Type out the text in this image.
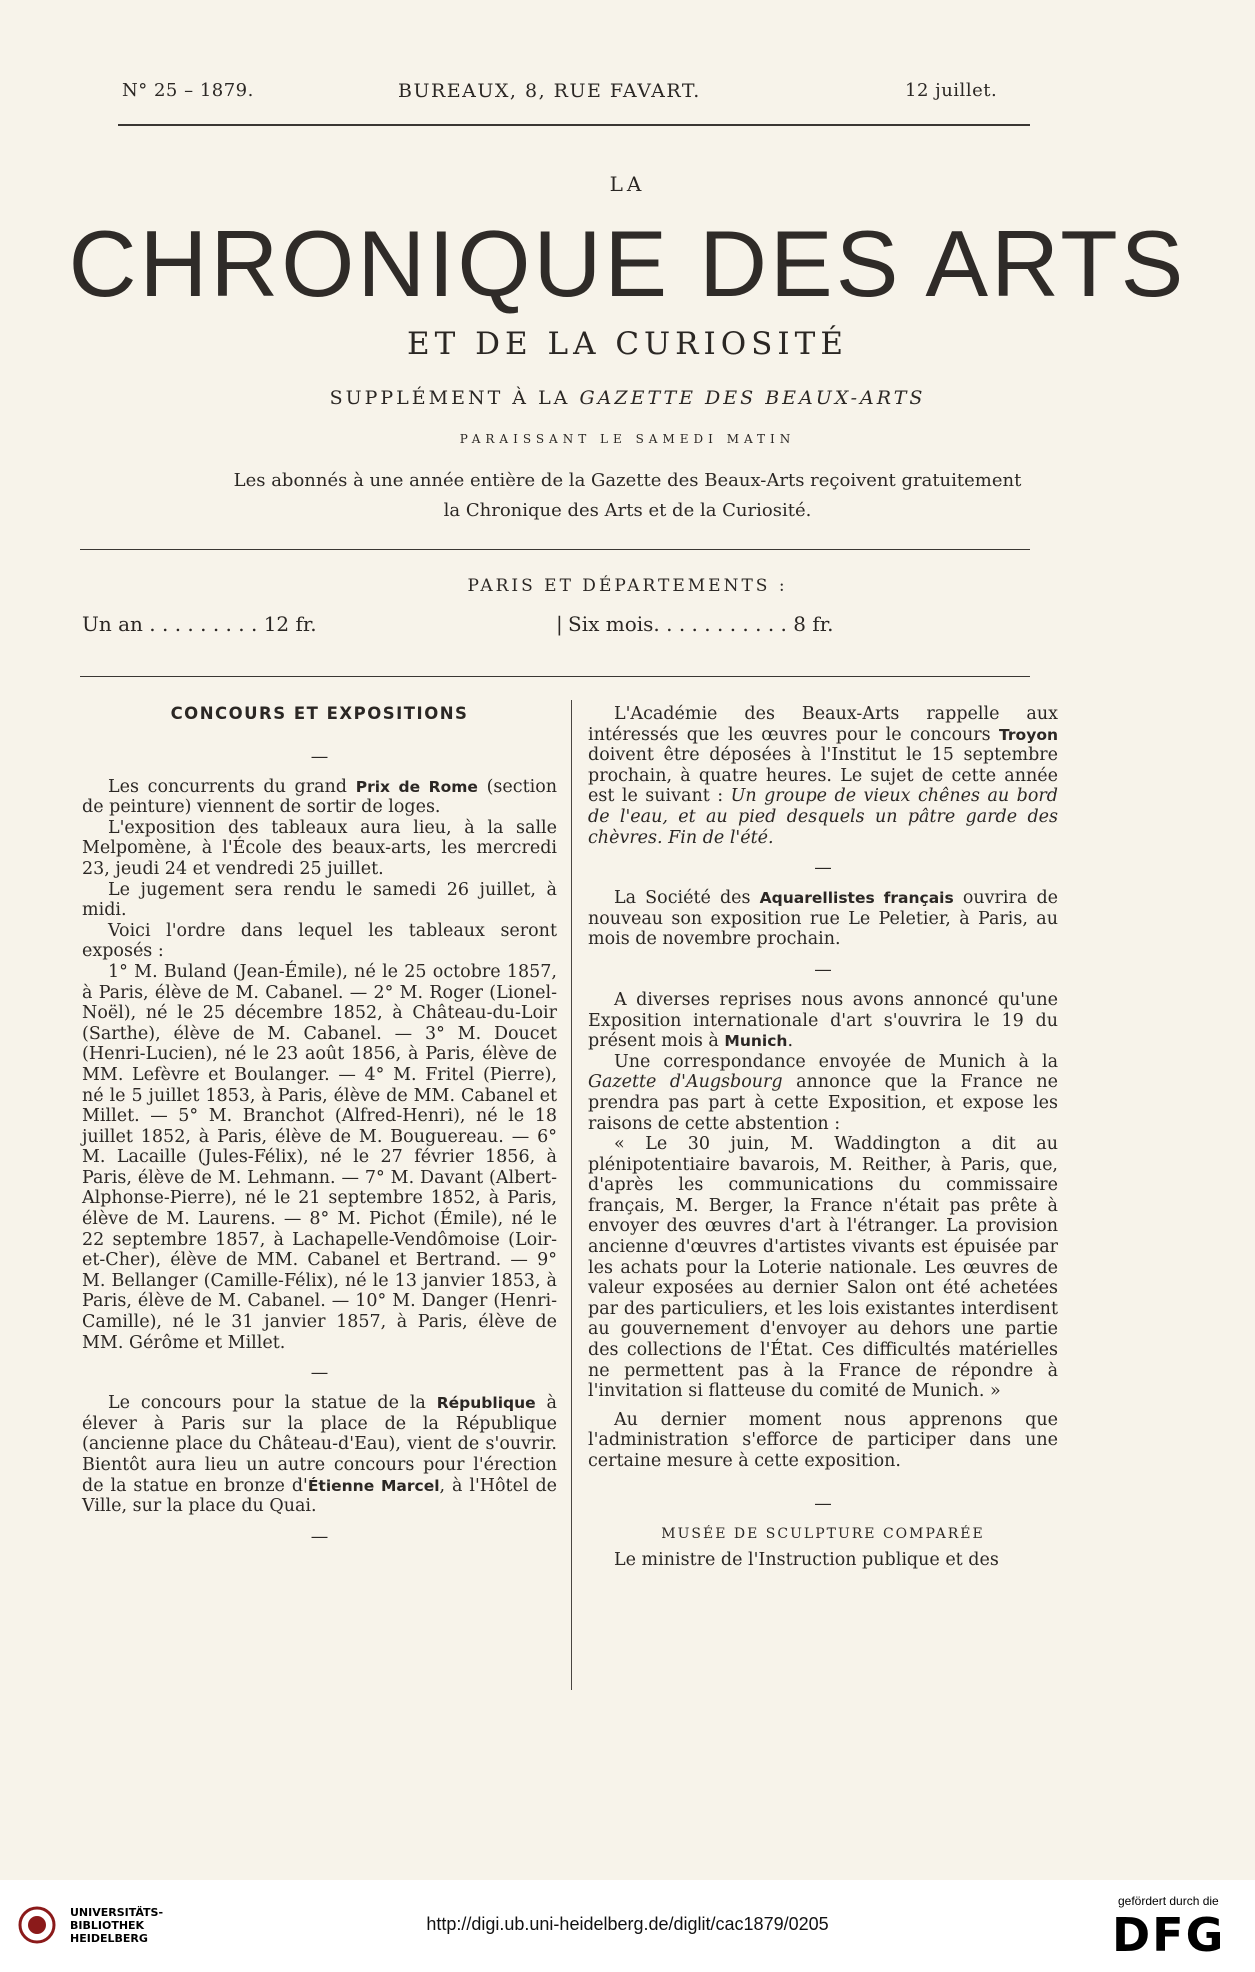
N° 25 – 1879.	BUREAUX, 8, RUE FAVART.	12 juillet.
LA
CHRONIQUE DES ARTS
ET DE LA CURIOSITÉ
SUPPLÉMENT À LA GAZETTE DES BEAUX-ARTS
PARAISSANT LE SAMEDI MATIN
Les abonnés à une année entière de la Gazette des Beaux-Arts reçoivent gratuitement
la Chronique des Arts et de la Curiosité.
PARIS ET DÉPARTEMENTS :
Un an . . . . . . . . . 12 fr.	| Six mois. . . . . . . . . . . 8 fr.
CONCOURS ET EXPOSITIONS
—

Les concurrents du grand Prix de Rome (section de peinture) viennent de sortir de loges.

L'exposition des tableaux aura lieu, à la salle Melpomène, à l'École des beaux-arts, les mercredi 23, jeudi 24 et vendredi 25 juillet.

Le jugement sera rendu le samedi 26 juillet, à midi.

Voici l'ordre dans lequel les tableaux seront exposés :

1° M. Buland (Jean-Émile), né le 25 octobre 1857, à Paris, élève de M. Cabanel. — 2° M. Roger (Lionel-Noël), né le 25 décembre 1852, à Château-du-Loir (Sarthe), élève de M. Cabanel. — 3° M. Doucet (Henri-Lucien), né le 23 août 1856, à Paris, élève de MM. Lefèvre et Boulanger. — 4° M. Fritel (Pierre), né le 5 juillet 1853, à Paris, élève de MM. Cabanel et Millet. — 5° M. Branchot (Alfred-Henri), né le 18 juillet 1852, à Paris, élève de M. Bouguereau. — 6° M. Lacaille (Jules-Félix), né le 27 février 1856, à Paris, élève de M. Lehmann. — 7° M. Davant (Albert-Alphonse-Pierre), né le 21 septembre 1852, à Paris, élève de M. Laurens. — 8° M. Pichot (Émile), né le 22 septembre 1857, à Lachapelle-Vendômoise (Loir-et-Cher), élève de MM. Cabanel et Bertrand. — 9° M. Bellanger (Camille-Félix), né le 13 janvier 1853, à Paris, élève de M. Cabanel. — 10° M. Danger (Henri-Camille), né le 31 janvier 1857, à Paris, élève de MM. Gérôme et Millet.

—

Le concours pour la statue de la République à élever à Paris sur la place de la République (ancienne place du Château-d'Eau), vient de s'ouvrir. Bientôt aura lieu un autre concours pour l'érection de la statue en bronze d'Étienne Marcel, à l'Hôtel de Ville, sur la place du Quai.

—

L'Académie des Beaux-Arts rappelle aux intéressés que les œuvres pour le concours Troyon doivent être déposées à l'Institut le 15 septembre prochain, à quatre heures. Le sujet de cette année est le suivant : Un groupe de vieux chênes au bord de l'eau, et au pied desquels un pâtre garde des chèvres. Fin de l'été.

—

La Société des Aquarellistes français ouvrira de nouveau son exposition rue Le Peletier, à Paris, au mois de novembre prochain.

—

A diverses reprises nous avons annoncé qu'une Exposition internationale d'art s'ouvrira le 19 du présent mois à Munich.

Une correspondance envoyée de Munich à la Gazette d'Augsbourg annonce que la France ne prendra pas part à cette Exposition, et expose les raisons de cette abstention :

« Le 30 juin, M. Waddington a dit au plénipotentiaire bavarois, M. Reither, à Paris, que, d'après les communications du commissaire français, M. Berger, la France n'était pas prête à envoyer des œuvres d'art à l'étranger. La provision ancienne d'œuvres d'artistes vivants est épuisée par les achats pour la Loterie nationale. Les œuvres de valeur exposées au dernier Salon ont été achetées par des particuliers, et les lois existantes interdisent au gouvernement d'envoyer au dehors une partie des collections de l'État. Ces difficultés matérielles ne permettent pas à la France de répondre à l'invitation si flatteuse du comité de Munich. »

Au dernier moment nous apprenons que l'administration s'efforce de participer dans une certaine mesure à cette exposition.

—
MUSÉE DE SCULPTURE COMPARÉE

Le ministre de l'Instruction publique et des

UNIVERSITÄTS-
BIBLIOTHEK
HEIDELBERG
http://digi.ub.uni-heidelberg.de/diglit/cac1879/0205
gefördert durch die
DFG
